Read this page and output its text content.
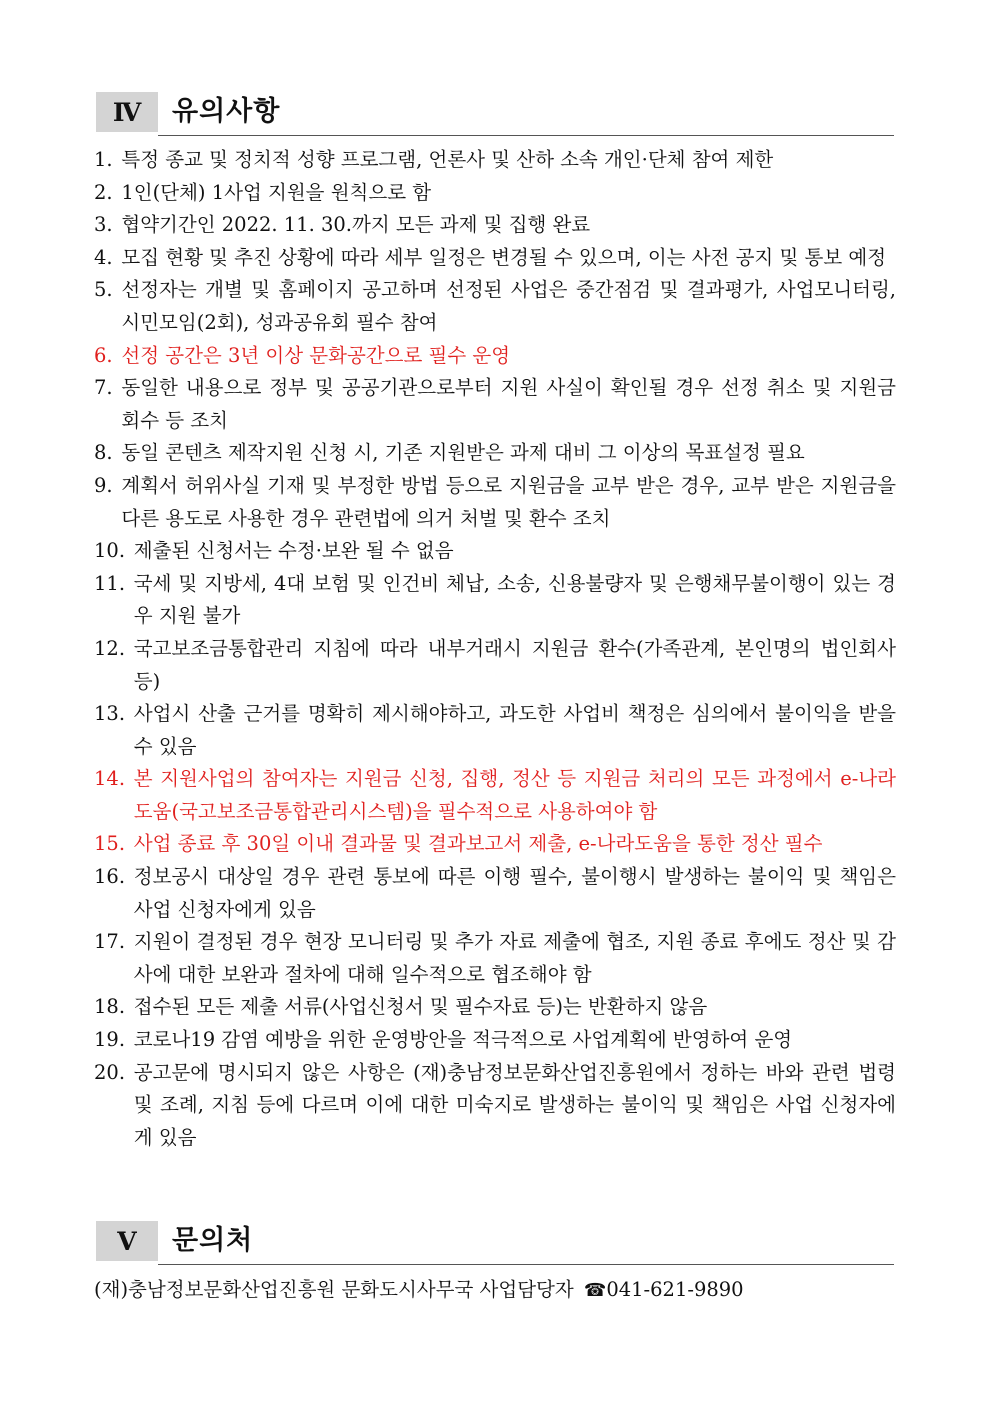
Ⅳ	유의사항
1. 특정 종교 및 정치적 성향 프로그램, 언론사 및 산하 소속 개인·단체 참여 제한
2. 1인(단체) 1사업 지원을 원칙으로 함
3. 협약기간인 2022. 11. 30.까지 모든 과제 및 집행 완료
4. 모집 현황 및 추진 상황에 따라 세부 일정은 변경될 수 있으며, 이는 사전 공지 및 통보 예정
5. 선정자는 개별 및 홈페이지 공고하며 선정된 사업은 중간점검 및 결과평가, 사업모니터링, 시민모임(2회), 성과공유회 필수 참여
6. 선정 공간은 3년 이상 문화공간으로 필수 운영
7. 동일한 내용으로 정부 및 공공기관으로부터 지원 사실이 확인될 경우 선정 취소 및 지원금 회수 등 조치
8. 동일 콘텐츠 제작지원 신청 시, 기존 지원받은 과제 대비 그 이상의 목표설정 필요
9. 계획서 허위사실 기재 및 부정한 방법 등으로 지원금을 교부 받은 경우, 교부 받은 지원금을 다른 용도로 사용한 경우 관련법에 의거 처벌 및 환수 조치
10. 제출된 신청서는 수정·보완 될 수 없음
11. 국세 및 지방세, 4대 보험 및 인건비 체납, 소송, 신용불량자 및 은행채무불이행이 있는 경우 지원 불가
12. 국고보조금통합관리 지침에 따라 내부거래시 지원금 환수(가족관계, 본인명의 법인회사 등)
13. 사업시 산출 근거를 명확히 제시해야하고, 과도한 사업비 책정은 심의에서 불이익을 받을 수 있음
14. 본 지원사업의 참여자는 지원금 신청, 집행, 정산 등 지원금 처리의 모든 과정에서 e-나라도움(국고보조금통합관리시스템)을 필수적으로 사용하여야 함
15. 사업 종료 후 30일 이내 결과물 및 결과보고서 제출, e-나라도움을 통한 정산 필수
16. 정보공시 대상일 경우 관련 통보에 따른 이행 필수, 불이행시 발생하는 불이익 및 책임은 사업 신청자에게 있음
17. 지원이 결정된 경우 현장 모니터링 및 추가 자료 제출에 협조, 지원 종료 후에도 정산 및 감사에 대한 보완과 절차에 대해 일수적으로 협조해야 함
18. 접수된 모든 제출 서류(사업신청서 및 필수자료 등)는 반환하지 않음
19. 코로나19 감염 예방을 위한 운영방안을 적극적으로 사업계획에 반영하여 운영
20. 공고문에 명시되지 않은 사항은 (재)충남정보문화산업진흥원에서 정하는 바와 관련 법령 및 조례, 지침 등에 다르며 이에 대한 미숙지로 발생하는 불이익 및 책임은 사업 신청자에게 있음
Ⅴ	문의처
(재)충남정보문화산업진흥원 문화도시사무국 사업담당자 ☎041-621-9890
